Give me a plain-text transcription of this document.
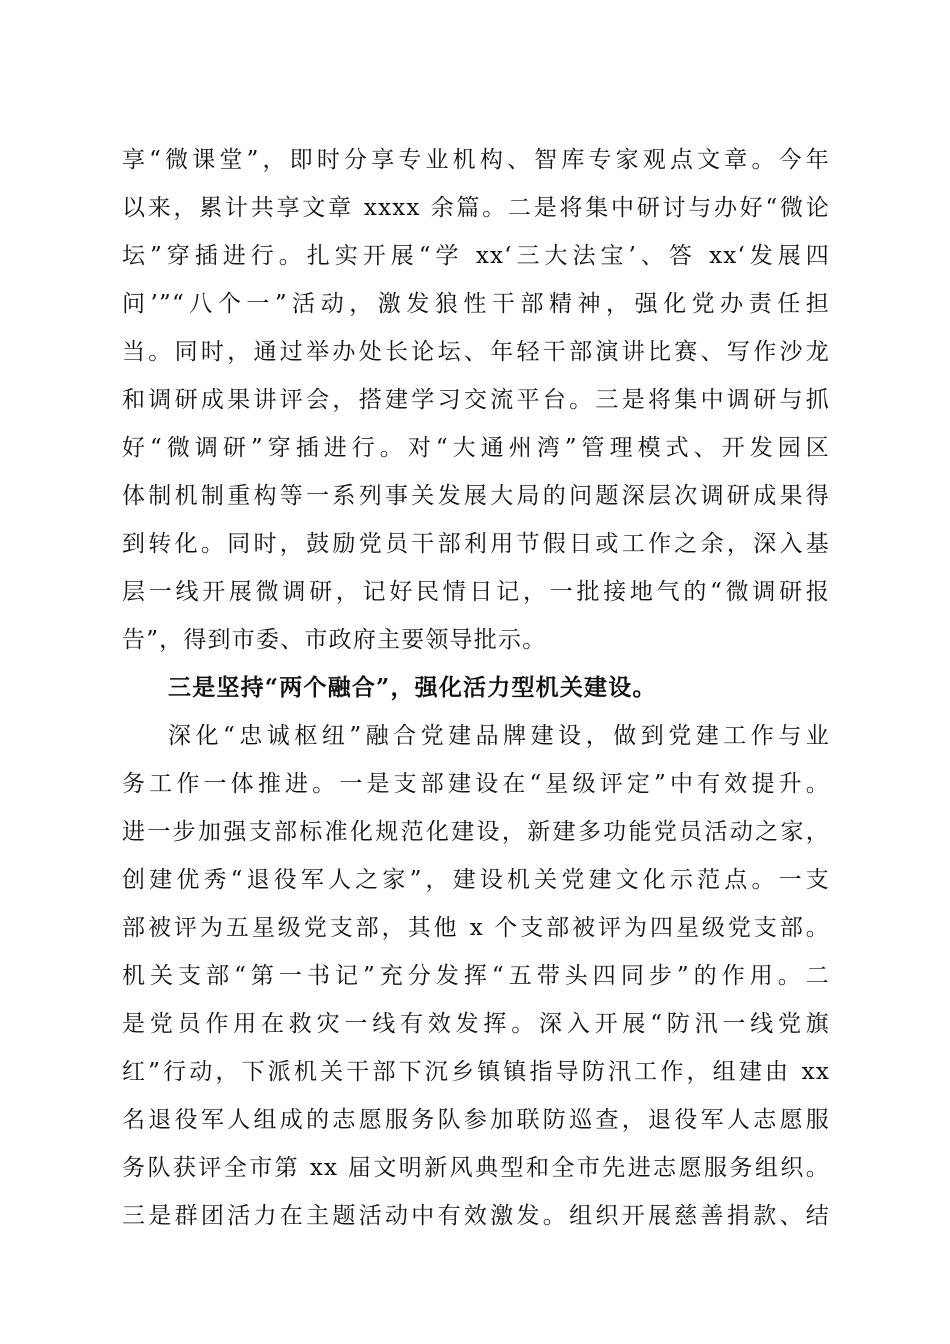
享“微课堂”，即时分享专业机构、智库专家观点文章。今年
以来，累计共享文章 xxxx 余篇。二是将集中研讨与办好“微论
坛”穿插进行。扎实开展“学 xx‘三大法宝’、答 xx‘发展四
问’”“八个一”活动，激发狼性干部精神，强化党办责任担
当。同时，通过举办处长论坛、年轻干部演讲比赛、写作沙龙
和调研成果讲评会，搭建学习交流平台。三是将集中调研与抓
好“微调研”穿插进行。对“大通州湾”管理模式、开发园区
体制机制重构等一系列事关发展大局的问题深层次调研成果得
到转化。同时，鼓励党员干部利用节假日或工作之余，深入基
层一线开展微调研，记好民情日记，一批接地气的“微调研报
告”，得到市委、市政府主要领导批示。
三是坚持“两个融合”，强化活力型机关建设。
深化“忠诚枢纽”融合党建品牌建设，做到党建工作与业
务工作一体推进。一是支部建设在“星级评定”中有效提升。
进一步加强支部标准化规范化建设，新建多功能党员活动之家，
创建优秀“退役军人之家”，建设机关党建文化示范点。一支
部被评为五星级党支部，其他 x 个支部被评为四星级党支部。
机关支部“第一书记”充分发挥“五带头四同步”的作用。二
是党员作用在救灾一线有效发挥。深入开展“防汛一线党旗
红”行动，下派机关干部下沉乡镇镇指导防汛工作，组建由 xx
名退役军人组成的志愿服务队参加联防巡查，退役军人志愿服
务队获评全市第 xx 届文明新风典型和全市先进志愿服务组织。
三是群团活力在主题活动中有效激发。组织开展慈善捐款、结
